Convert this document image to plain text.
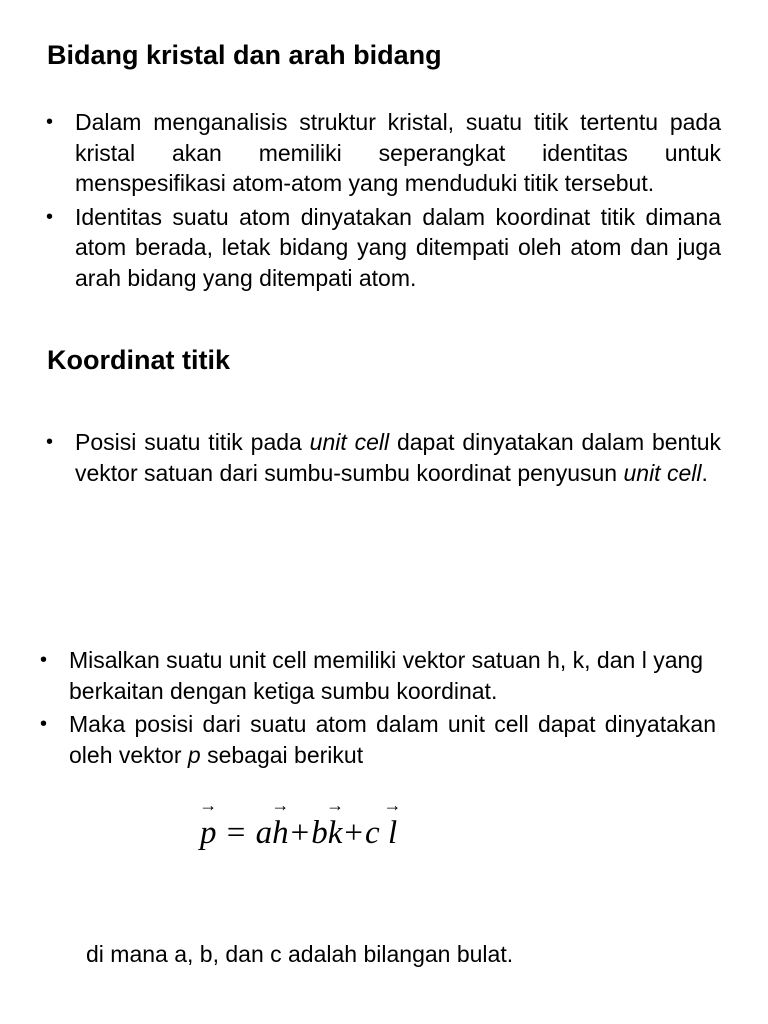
Bidang kristal dan arah bidang
• Dalam menganalisis struktur kristal, suatu titik tertentu pada kristal akan memiliki seperangkat identitas untuk menspesifikasi atom-atom yang menduduki titik tersebut.
• Identitas suatu atom dinyatakan dalam koordinat titik dimana atom berada, letak bidang yang ditempati oleh atom dan juga arah bidang yang ditempati atom.
Koordinat titik
• Posisi suatu titik pada unit cell dapat dinyatakan dalam bentuk vektor satuan dari sumbu-sumbu koordinat penyusun unit cell.
• Misalkan suatu unit cell memiliki vektor satuan h, k, dan l yang berkaitan dengan ketiga sumbu koordinat.
• Maka posisi dari suatu atom dalam unit cell dapat dinyatakan oleh vektor p sebagai berikut
→
p = a
→
h+b
→
k+c
→
l

di mana a, b, dan c adalah bilangan bulat.
